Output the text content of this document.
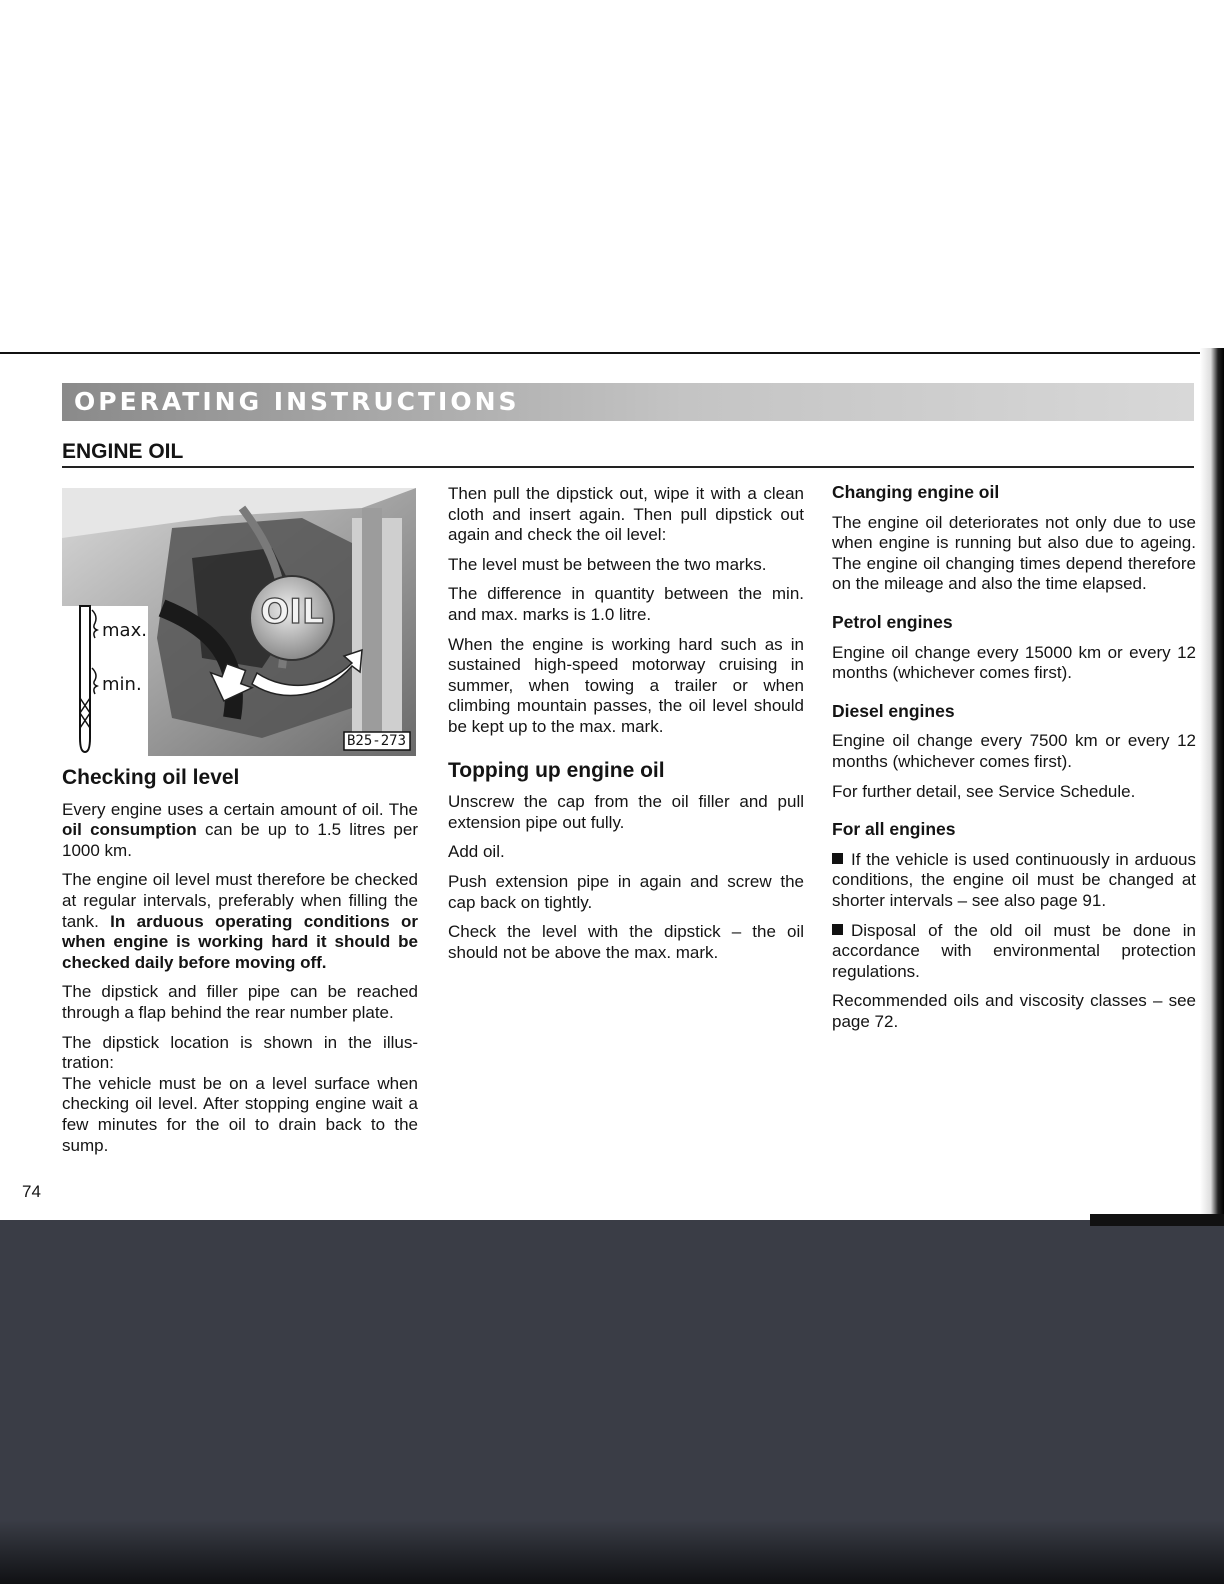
OPERATING INSTRUCTIONS
ENGINE OIL
OIL
max.
min.
B25-273
Checking oil level

Every engine uses a certain amount of oil. The oil consumption can be up to 1.5 litres per 1000 km.

The engine oil level must therefore be checked at regular intervals, preferably when filling the tank. In arduous operating conditions or when engine is working hard it should be checked daily before moving off.

The dipstick and filler pipe can be reached through a flap behind the rear number plate.

The dipstick location is shown in the illustration:

The vehicle must be on a level surface when checking oil level. After stopping engine wait a few minutes for the oil to drain back to the sump.

Then pull the dipstick out, wipe it with a clean cloth and insert again. Then pull dipstick out again and check the oil level:

The level must be between the two marks.

The difference in quantity between the min. and max. marks is 1.0 litre.

When the engine is working hard such as in sustained high-speed motorway cruising in summer, when towing a trailer or when climbing mountain passes, the oil level should be kept up to the max. mark.

Topping up engine oil

Unscrew the cap from the oil filler and pull extension pipe out fully.

Add oil.

Push extension pipe in again and screw the cap back on tightly.

Check the level with the dipstick – the oil should not be above the max. mark.

Changing engine oil

The engine oil deteriorates not only due to use when engine is running but also due to ageing. The engine oil changing times depend therefore on the mileage and also the time elapsed.

Petrol engines

Engine oil change every 15000 km or every 12 months (whichever comes first).

Diesel engines

Engine oil change every 7500 km or every 12 months (whichever comes first).

For further detail, see Service Schedule.

For all engines

If the vehicle is used continuously in arduous conditions, the engine oil must be changed at shorter intervals – see also page 91.

Disposal of the old oil must be done in accordance with environmental protection regulations.

Recommended oils and viscosity classes – see page 72.

74
